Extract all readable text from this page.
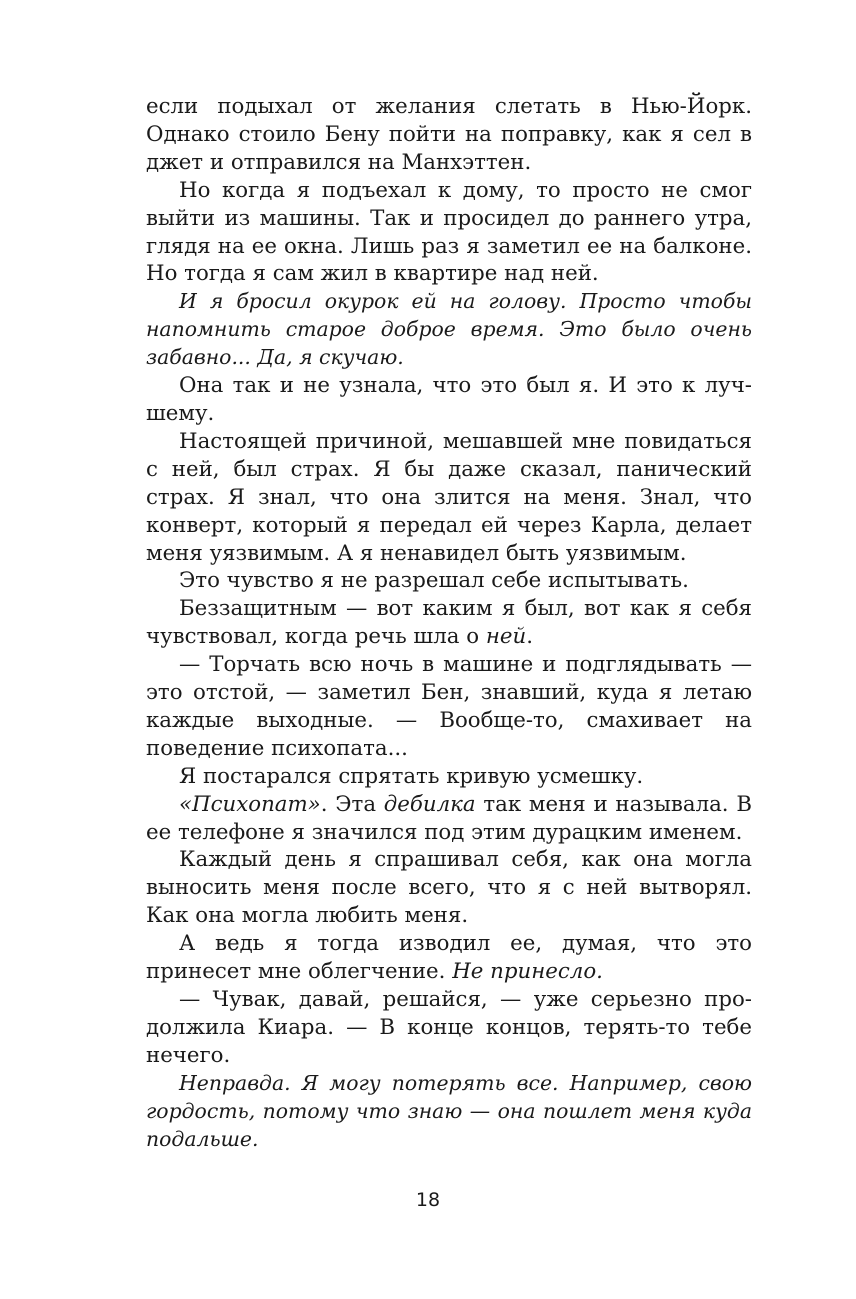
если подыхал от желания слетать в Нью-Йорк. Однако стоило Бену пойти на поправку, как я сел в джет и отправился на Манхэттен.

Но когда я подъехал к дому, то просто не смог выйти из машины. Так и просидел до раннего утра, глядя на ее окна. Лишь раз я заметил ее на балконе. Но тогда я сам жил в квартире над ней.

И я бросил окурок ей на голову. Просто чтобы напомнить старое доброе время. Это было очень забавно... Да, я скучаю.

Она так и не узнала, что это был я. И это к лучшему.

Настоящей причиной, мешавшей мне повидаться с ней, был страх. Я бы даже сказал, панический страх. Я знал, что она злится на меня. Знал, что конверт, который я передал ей через Карла, делает меня уязвимым. А я ненавидел быть уязвимым.

Это чувство я не разрешал себе испытывать.

Беззащитным — вот каким я был, вот как я себя чувствовал, когда речь шла о ней.

— Торчать всю ночь в машине и подглядывать — это отстой, — заметил Бен, знавший, куда я летаю каждые выходные. — Вообще-то, смахивает на поведение психопата...

Я постарался спрятать кривую усмешку.

«Психопат». Эта дебилка так меня и называла. В ее телефоне я значился под этим дурацким именем.

Каждый день я спрашивал себя, как она могла выносить меня после всего, что я с ней вытворял. Как она могла любить меня.

А ведь я тогда изводил ее, думая, что это принесет мне облегчение. Не принесло.

— Чувак, давай, решайся, — уже серьезно продолжила Киара. — В конце концов, терять-то тебе нечего.

Неправда. Я могу потерять все. Например, свою гордость, потому что знаю — она пошлет меня куда подальше.

18
